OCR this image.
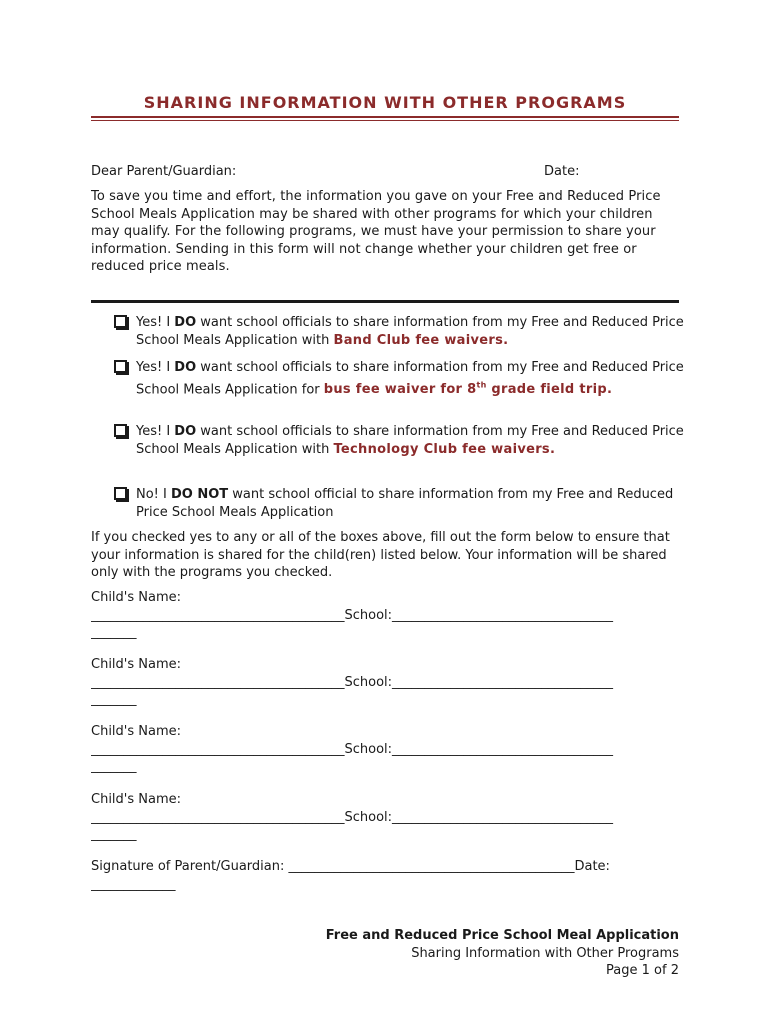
SHARING INFORMATION WITH OTHER PROGRAMS

Dear Parent/Guardian:	Date:

To save you time and effort, the information you gave on your Free and Reduced Price School Meals Application may be shared with other programs for which your children may qualify. For the following programs, we must have your permission to share your information. Sending in this form will not change whether your children get free or reduced price meals.

Yes! I DO want school officials to share information from my Free and Reduced Price School Meals Application with Band Club fee waivers.
Yes! I DO want school officials to share information from my Free and Reduced Price School Meals Application for bus fee waiver for 8th grade field trip.
Yes! I DO want school officials to share information from my Free and Reduced Price School Meals Application with Technology Club fee waivers.
No! I DO NOT want school official to share information from my Free and Reduced Price School Meals Application

If you checked yes to any or all of the boxes above, fill out the form below to ensure that your information is shared for the child(ren) listed below. Your information will be shared only with the programs you checked.

Child's Name:
_______________________________________School:__________________________________
_______
Child's Name:
_______________________________________School:__________________________________
_______
Child's Name:
_______________________________________School:__________________________________
_______
Child's Name:
_______________________________________School:__________________________________
_______
Signature of Parent/Guardian: ____________________________________________Date:
_____________
Free and Reduced Price School Meal Application
Sharing Information with Other Programs
Page 1 of 2
